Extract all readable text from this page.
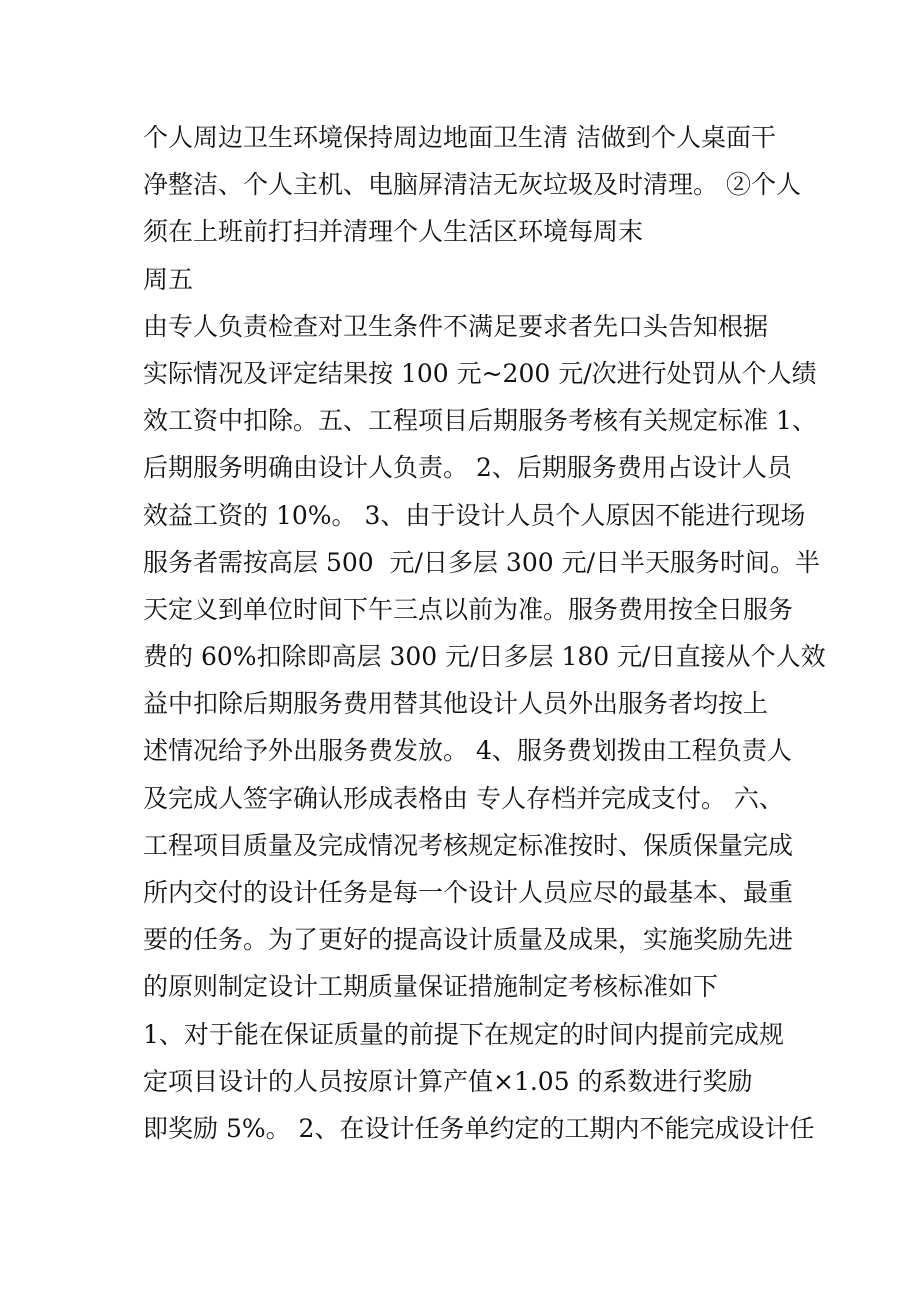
个人周边卫生环境保持周边地面卫生清 洁做到个人桌面干
净整洁、个人主机、电脑屏清洁无灰垃圾及时清理。 ②个人
须在上班前打扫并清理个人生活区环境每周末
周五
由专人负责检查对卫生条件不满足要求者先口头告知根据
实际情况及评定结果按 100 元~200 元/次进行处罚从个人绩
效工资中扣除。五、工程项目后期服务考核有关规定标准 1、
后期服务明确由设计人负责。 2、后期服务费用占设计人员
效益工资的 10%。 3、由于设计人员个人原因不能进行现场
服务者需按高层 500  元/日多层 300 元/日半天服务时间。半
天定义到单位时间下午三点以前为准。服务费用按全日服务
费的 60%扣除即高层 300 元/日多层 180 元/日直接从个人效
益中扣除后期服务费用替其他设计人员外出服务者均按上
述情况给予外出服务费发放。 4、服务费划拨由工程负责人
及完成人签字确认形成表格由 专人存档并完成支付。 六、
工程项目质量及完成情况考核规定标准按时、保质保量完成
所内交付的设计任务是每一个设计人员应尽的最基本、最重
要的任务。为了更好的提高设计质量及成果，实施奖励先进
的原则制定设计工期质量保证措施制定考核标准如下
1、对于能在保证质量的前提下在规定的时间内提前完成规
定项目设计的人员按原计算产值×1.05 的系数进行奖励
即奖励 5%。 2、在设计任务单约定的工期内不能完成设计任
